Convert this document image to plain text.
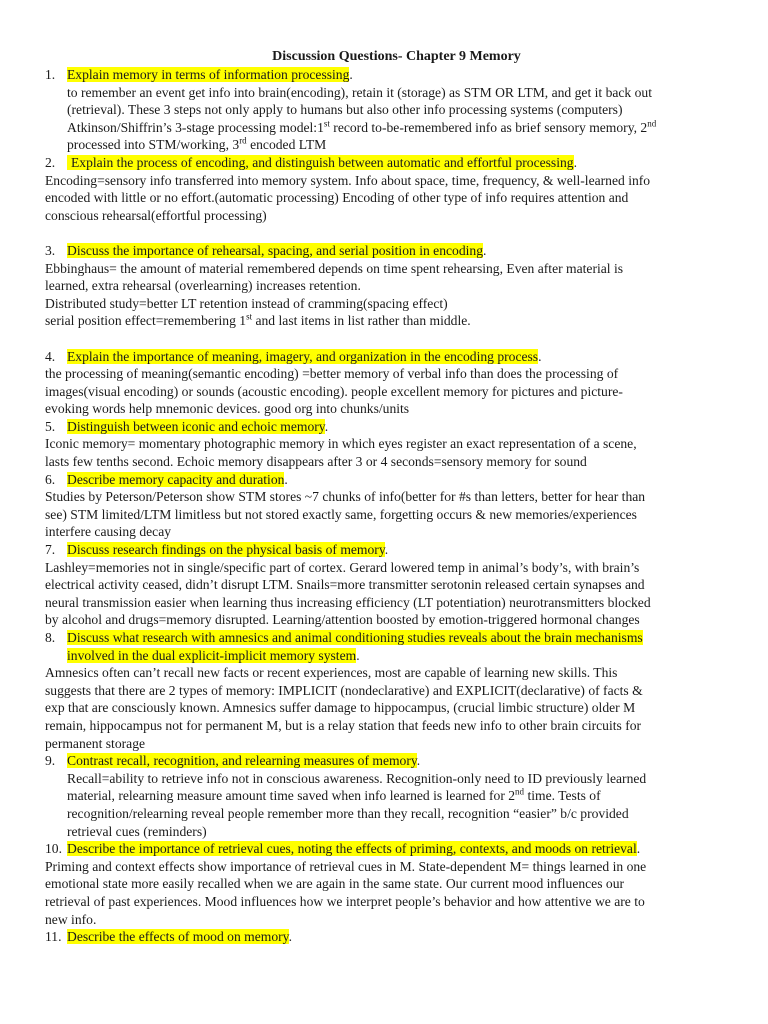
Discussion Questions- Chapter 9 Memory
1. Explain memory in terms of information processing.
to remember an event get info into brain(encoding), retain it (storage) as STM OR LTM, and get it back out
(retrieval). These 3 steps not only apply to humans but also other info processing systems (computers)
Atkinson/Shiffrin’s 3-stage processing model:1st record to-be-remembered info as brief sensory memory, 2nd
processed into STM/working, 3rd encoded LTM
2. Explain the process of encoding, and distinguish between automatic and effortful processing.
Encoding=sensory info transferred into memory system. Info about space, time, frequency, & well-learned info
encoded with little or no effort.(automatic processing) Encoding of other type of info requires attention and
conscious rehearsal(effortful processing)
3. Discuss the importance of rehearsal, spacing, and serial position in encoding.
Ebbinghaus= the amount of material remembered depends on time spent rehearsing, Even after material is
learned, extra rehearsal (overlearning) increases retention.
Distributed study=better LT retention instead of cramming(spacing effect)
serial position effect=remembering 1st and last items in list rather than middle.
4. Explain the importance of meaning, imagery, and organization in the encoding process.
the processing of meaning(semantic encoding) =better memory of verbal info than does the processing of
images(visual encoding) or sounds (acoustic encoding). people excellent memory for pictures and picture-
evoking words help mnemonic devices. good org into chunks/units
5. Distinguish between iconic and echoic memory.
Iconic memory= momentary photographic memory in which eyes register an exact representation of a scene,
lasts few tenths second. Echoic memory disappears after 3 or 4 seconds=sensory memory for sound
6. Describe memory capacity and duration.
Studies by Peterson/Peterson show STM stores ~7 chunks of info(better for #s than letters, better for hear than
see) STM limited/LTM limitless but not stored exactly same, forgetting occurs & new memories/experiences
interfere causing decay
7. Discuss research findings on the physical basis of memory.
Lashley=memories not in single/specific part of cortex. Gerard lowered temp in animal’s body’s, with brain’s
electrical activity ceased, didn’t disrupt LTM. Snails=more transmitter serotonin released certain synapses and
neural transmission easier when learning thus increasing efficiency (LT potentiation) neurotransmitters blocked
by alcohol and drugs=memory disrupted. Learning/attention boosted by emotion-triggered hormonal changes
8. Discuss what research with amnesics and animal conditioning studies reveals about the brain mechanisms
involved in the dual explicit-implicit memory system.
Amnesics often can’t recall new facts or recent experiences, most are capable of learning new skills. This
suggests that there are 2 types of memory: IMPLICIT (nondeclarative) and EXPLICIT(declarative) of facts &
exp that are consciously known. Amnesics suffer damage to hippocampus, (crucial limbic structure) older M
remain, hippocampus not for permanent M, but is a relay station that feeds new info to other brain circuits for
permanent storage
9. Contrast recall, recognition, and relearning measures of memory.
Recall=ability to retrieve info not in conscious awareness. Recognition-only need to ID previously learned
material, relearning measure amount time saved when info learned is learned for 2nd time. Tests of
recognition/relearning reveal people remember more than they recall, recognition “easier” b/c provided
retrieval cues (reminders)
10. Describe the importance of retrieval cues, noting the effects of priming, contexts, and moods on retrieval.
Priming and context effects show importance of retrieval cues in M. State-dependent M= things learned in one
emotional state more easily recalled when we are again in the same state. Our current mood influences our
retrieval of past experiences. Mood influences how we interpret people’s behavior and how attentive we are to
new info.
11. Describe the effects of mood on memory.
